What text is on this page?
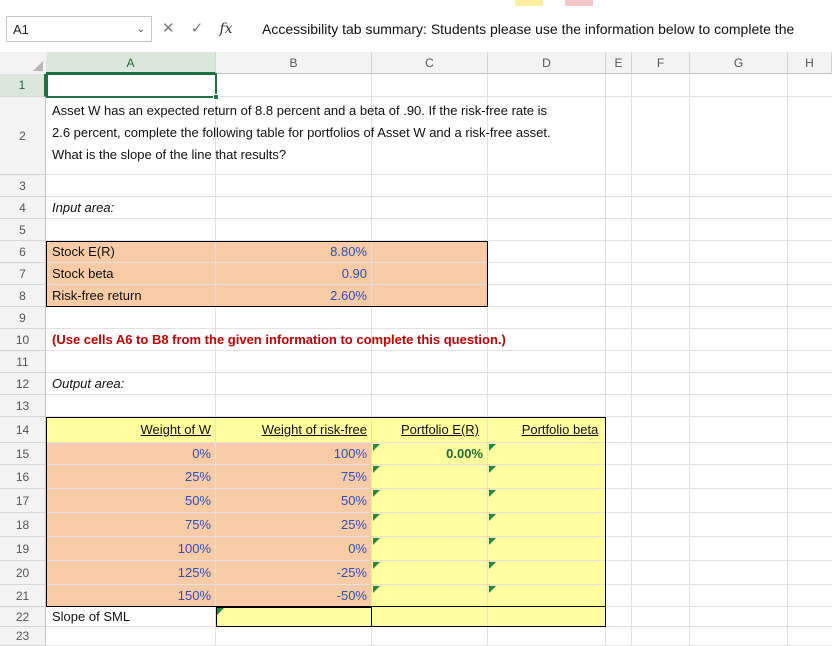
A1	⌄ ✕ ✓ fx	Accessibility tab summary: Students please use the information below to complete the
A	B	C	D	E	F	G	H
1
2
3
4
5
6
7
8
9
10
11
12
13
14
15
16
17
18
19
20
21
22
23
Asset W has an expected return of 8.8 percent and a beta of .90. If the risk-free rate is
2.6 percent, complete the following table for portfolios of Asset W and a risk-free asset.
What is the slope of the line that results?
Input area:
Stock E(R)	8.80%
Stock beta	0.90
Risk-free return	2.60%
(Use cells A6 to B8 from the given information to complete this question.)
Output area:
Weight of W	Weight of risk-free	Portfolio E(R)	Portfolio beta
0%	100%	0.00%
25%	75%
50%	50%
75%	25%
100%	0%
125%	-25%
150%	-50%
Slope of SML
